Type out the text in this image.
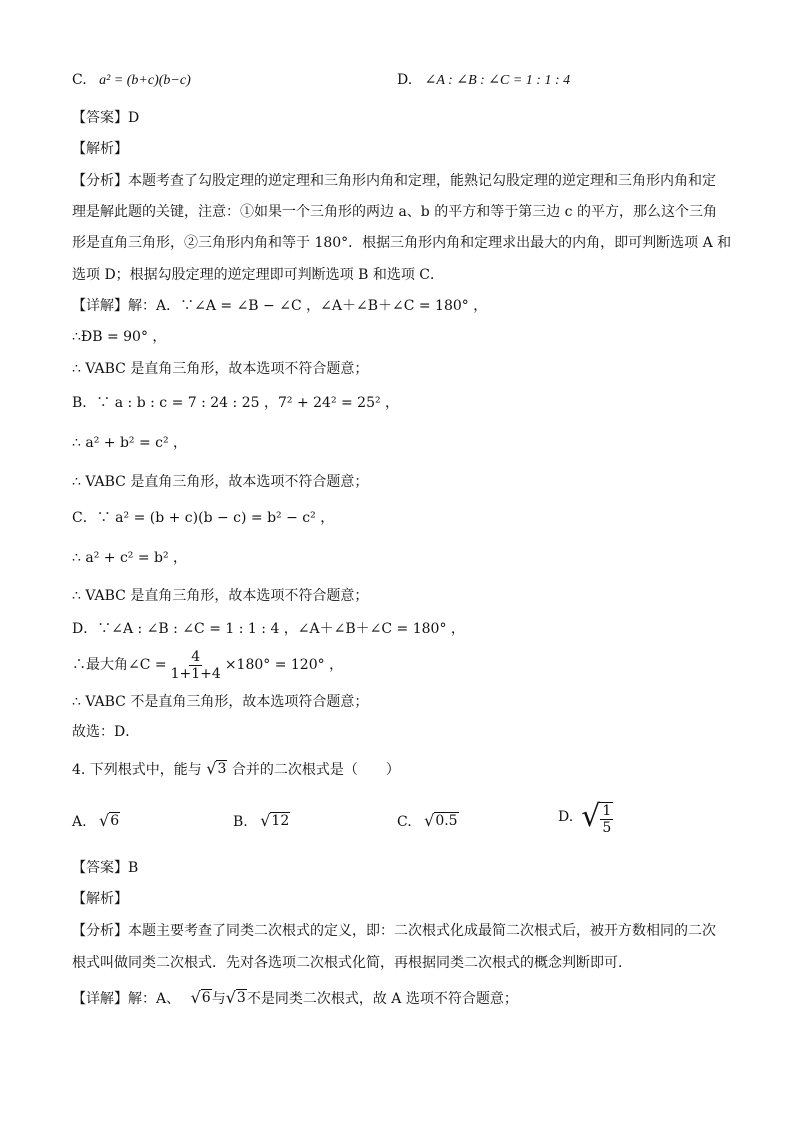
C. a² = (b+c)(b−c)	D. ∠A : ∠B : ∠C = 1 : 1 : 4
【答案】D
【解析】
【分析】本题考查了勾股定理的逆定理和三角形内角和定理，能熟记勾股定理的逆定理和三角形内角和定
理是解此题的关键，注意：①如果一个三角形的两边 a、b 的平方和等于第三边 c 的平方，那么这个三角
形是直角三角形，②三角形内角和等于 180°．根据三角形内角和定理求出最大的内角，即可判断选项 A 和
选项 D；根据勾股定理的逆定理即可判断选项 B 和选项 C．
【详解】解：A．∵∠A = ∠B − ∠C ，∠A＋∠B＋∠C = 180° ，
∴ÐB = 90° ，
∴ VABC 是直角三角形，故本选项不符合题意；
B．∵ a : b : c = 7 : 24 : 25 ，7² + 24² = 25² ，
∴ a² + b² = c² ，
∴ VABC 是直角三角形，故本选项不符合题意；
C．∵ a² = (b + c)(b − c) = b² − c² ，
∴ a² + c² = b² ，
∴ VABC 是直角三角形，故本选项不符合题意；
D．∵∠A : ∠B : ∠C = 1 : 1 : 4 ，∠A＋∠B＋∠C = 180° ，
∴最大角∠C = $\frac{4}{1+1+4} \times 180^\circ = 120^\circ$ ，
∴ VABC 不是直角三角形，故本选项符合题意；
故选：D．
4. 下列根式中，能与 √ 3 合并的二次根式是（　　）
A. √ 6	B. √ 12	C. √ 0.5	D. √ $\frac{1}{5}$
【答案】B
【解析】
【分析】本题主要考查了同类二次根式的定义，即：二次根式化成最简二次根式后，被开方数相同的二次
根式叫做同类二次根式．先对各选项二次根式化简，再根据同类二次根式的概念判断即可．
【详解】解：A、 √ 6 与 √ 3 不是同类二次根式，故 A 选项不符合题意；
